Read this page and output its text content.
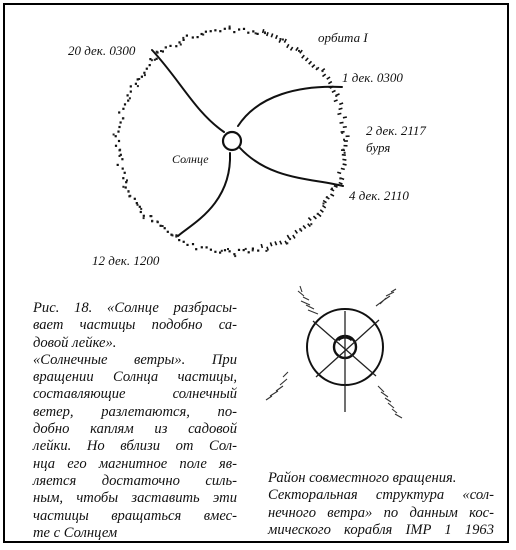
орбита I

20 дек. 0300

1 дек. 0300

2 дек. 2117

буря

4 дек. 2110

12 дек. 1200

Солнце

Рис. 18. «Солнце разбрасы-
вает частицы подобно са-
довой лейке».
«Солнечные ветры». При
вращении Солнца частицы,
составляющие солнечный
ветер, разлетаются, по-
добно каплям из садовой
лейки. Но вблизи от Сол-
нца его магнитное поле яв-
ляется достаточно силь-
ным, чтобы заставить эти
частицы вращаться вмес-
те с Солнцем
Район совместного вращения.
Секторальная структура «сол-
нечного ветра» по данным кос-
мического корабля IMP 1 1963
